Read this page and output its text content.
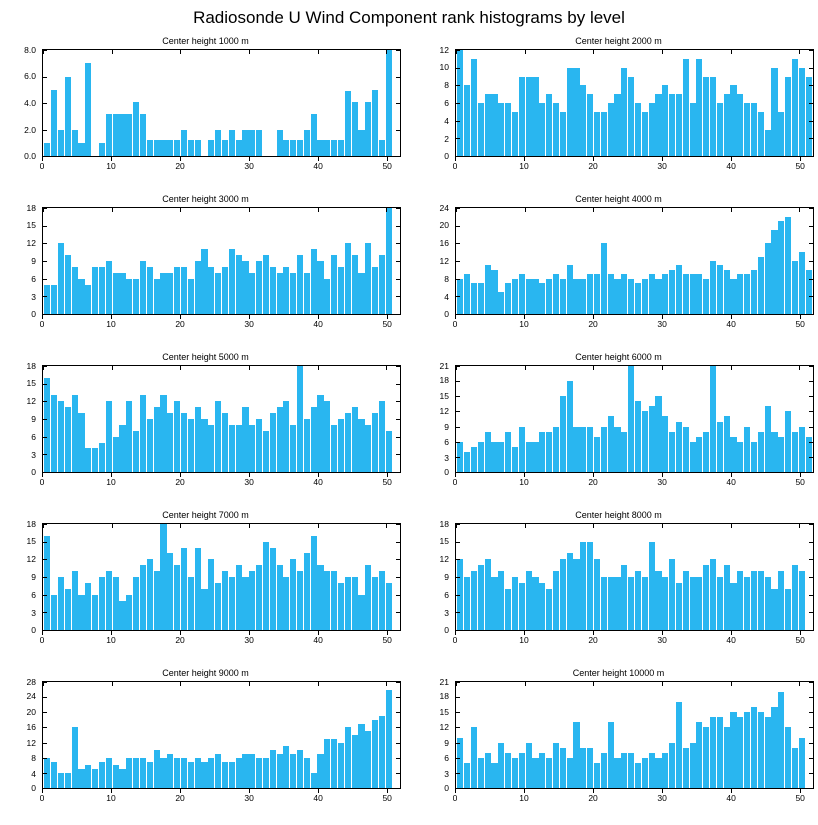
Radiosonde U Wind Component rank histograms by level
Center height 1000 m
0.0
2.0
4.0
6.0
8.0
0	10	20	30	40	50
Center height 2000 m
0
2
4
6
8
10
12
0	10	20	30	40	50
Center height 3000 m
0
3
6
9
12
15
18
0	10	20	30	40	50
Center height 4000 m
0
4
8
12
16
20
24
0	10	20	30	40	50
Center height 5000 m
0
3
6
9
12
15
18
0	10	20	30	40	50
Center height 6000 m
0
3
6
9
12
15
18
21
0	10	20	30	40	50
Center height 7000 m
0
3
6
9
12
15
18
0	10	20	30	40	50
Center height 8000 m
0
3
6
9
12
15
18
0	10	20	30	40	50
Center height 9000 m
0
4
8
12
16
20
24
28
0	10	20	30	40	50
Center height 10000 m
0
3
6
9
12
15
18
21
0	10	20	30	40	50
